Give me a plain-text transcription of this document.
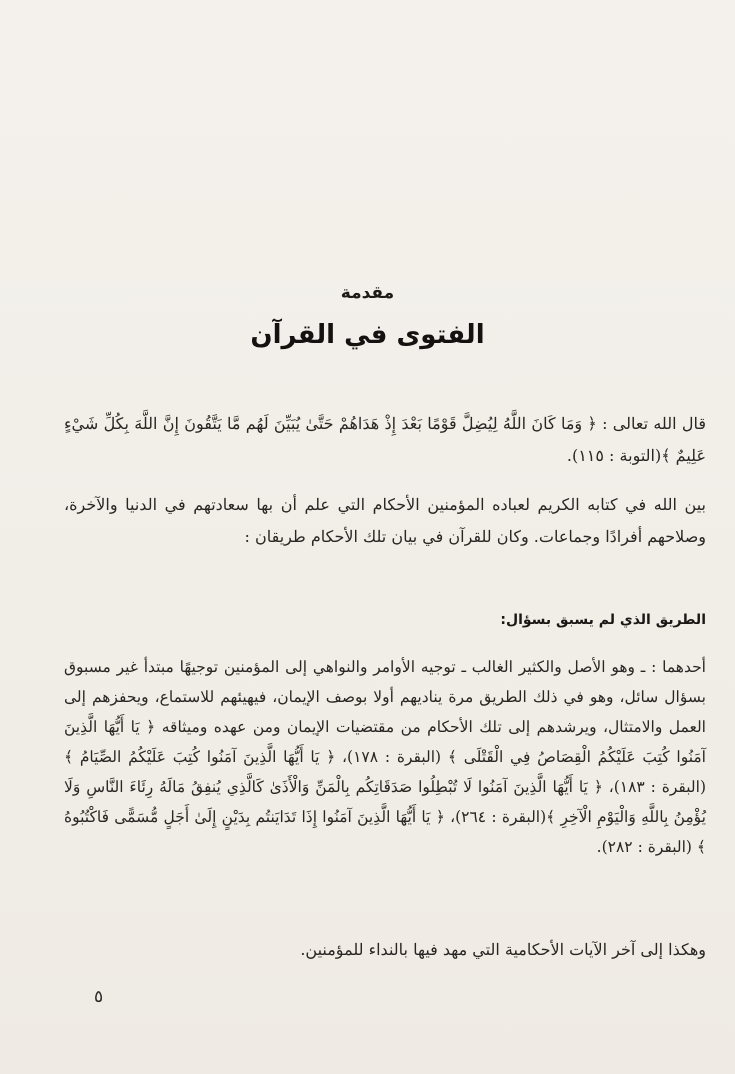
مقدمة
الفتوى في القرآن
قال الله تعالى : ﴿ وَمَا كَانَ اللَّهُ لِيُضِلَّ قَوْمًا بَعْدَ إِذْ هَدَاهُمْ حَتَّىٰ يُبَيِّنَ لَهُم مَّا يَتَّقُونَ إِنَّ اللَّهَ بِكُلِّ شَيْءٍ عَلِيمٌ ﴾(التوبة : ١١٥).
بين الله في كتابه الكريم لعباده المؤمنين الأحكام التي علم أن بها سعادتهم في الدنيا والآخرة، وصلاحهم أفرادًا وجماعات. وكان للقرآن في بيان تلك الأحكام طريقان :
الطريق الذي لم يسبق بسؤال:
أحدهما : ـ وهو الأصل والكثير الغالب ـ توجيه الأوامر والنواهي إلى المؤمنين توجيهًا مبتدأ غير مسبوق بسؤال سائل، وهو في ذلك الطريق مرة يناديهم أولا بوصف الإيمان، فيهيئهم للاستماع، ويحفزهم إلى العمل والامتثال، ويرشدهم إلى تلك الأحكام من مقتضيات الإيمان ومن عهده وميثاقه ﴿ يَا أَيُّهَا الَّذِينَ آمَنُوا كُتِبَ عَلَيْكُمُ الْقِصَاصُ فِي الْقَتْلَى ﴾ (البقرة : ١٧٨)، ﴿ يَا أَيُّهَا الَّذِينَ آمَنُوا كُتِبَ عَلَيْكُمُ الصِّيَامُ ﴾ (البقرة : ١٨٣)، ﴿ يَا أَيُّهَا الَّذِينَ آمَنُوا لَا تُبْطِلُوا صَدَقَاتِكُم بِالْمَنِّ وَالْأَذَىٰ كَالَّذِي يُنفِقُ مَالَهُ رِئَاءَ النَّاسِ وَلَا يُؤْمِنُ بِاللَّهِ وَالْيَوْمِ الْآخِرِ ﴾(البقرة : ٢٦٤)، ﴿ يَا أَيُّهَا الَّذِينَ آمَنُوا إِذَا تَدَايَنتُم بِدَيْنٍ إِلَىٰ أَجَلٍ مُّسَمًّى فَاكْتُبُوهُ ﴾ (البقرة : ٢٨٢).
وهكذا إلى آخر الآيات الأحكامية التي مهد فيها بالنداء للمؤمنين.
٥
